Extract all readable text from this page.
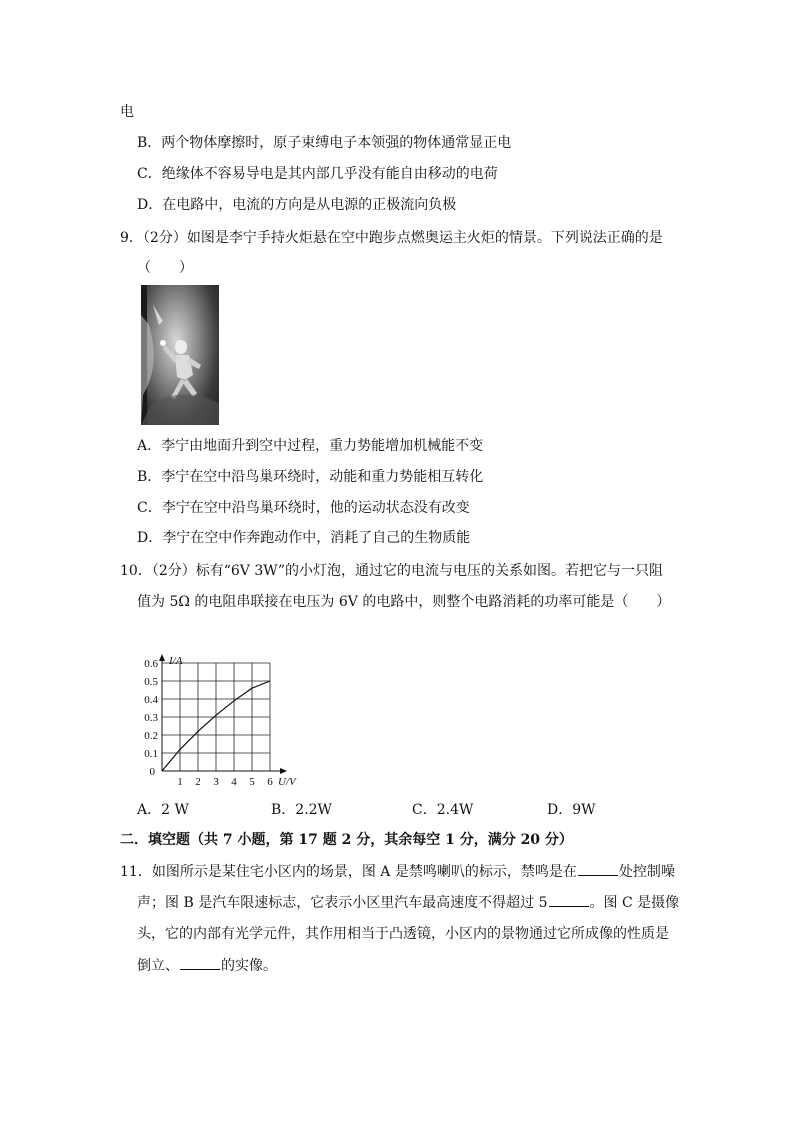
电
B．两个物体摩擦时，原子束缚电子本领强的物体通常显正电
C．绝缘体不容易导电是其内部几乎没有能自由移动的电荷
D．在电路中，电流的方向是从电源的正极流向负极
9．（2分）如图是李宁手持火炬悬在空中跑步点燃奥运主火炬的情景。下列说法正确的是
（　　）
A．李宁由地面升到空中过程，重力势能增加机械能不变
B．李宁在空中沿鸟巢环绕时，动能和重力势能相互转化
C．李宁在空中沿鸟巢环绕时，他的运动状态没有改变
D．李宁在空中作奔跑动作中，消耗了自己的生物质能
10．（2分）标有“6V 3W”的小灯泡，通过它的电流与电压的关系如图。若把它与一只阻
值为 5Ω 的电阻串联接在电压为 6V 的电路中，则整个电路消耗的功率可能是（　　）
1 2 3 4 5 6
0.1
0.2
0.3
0.4
0.5
0.6
0
I/A
U/V
A．2 W	B．2.2W	C．2.4W	D．9W
二．填空题（共 7 小题，第 17 题 2 分，其余每空 1 分，满分 20 分）
11．如图所示是某住宅小区内的场景，图 A 是禁鸣喇叭的标示，禁鸣是在	处控制噪
声；图 B 是汽车限速标志，它表示小区里汽车最高速度不得超过 5	。图 C 是摄像
头，它的内部有光学元件，其作用相当于凸透镜，小区内的景物通过它所成像的性质是
倒立、	的实像。
